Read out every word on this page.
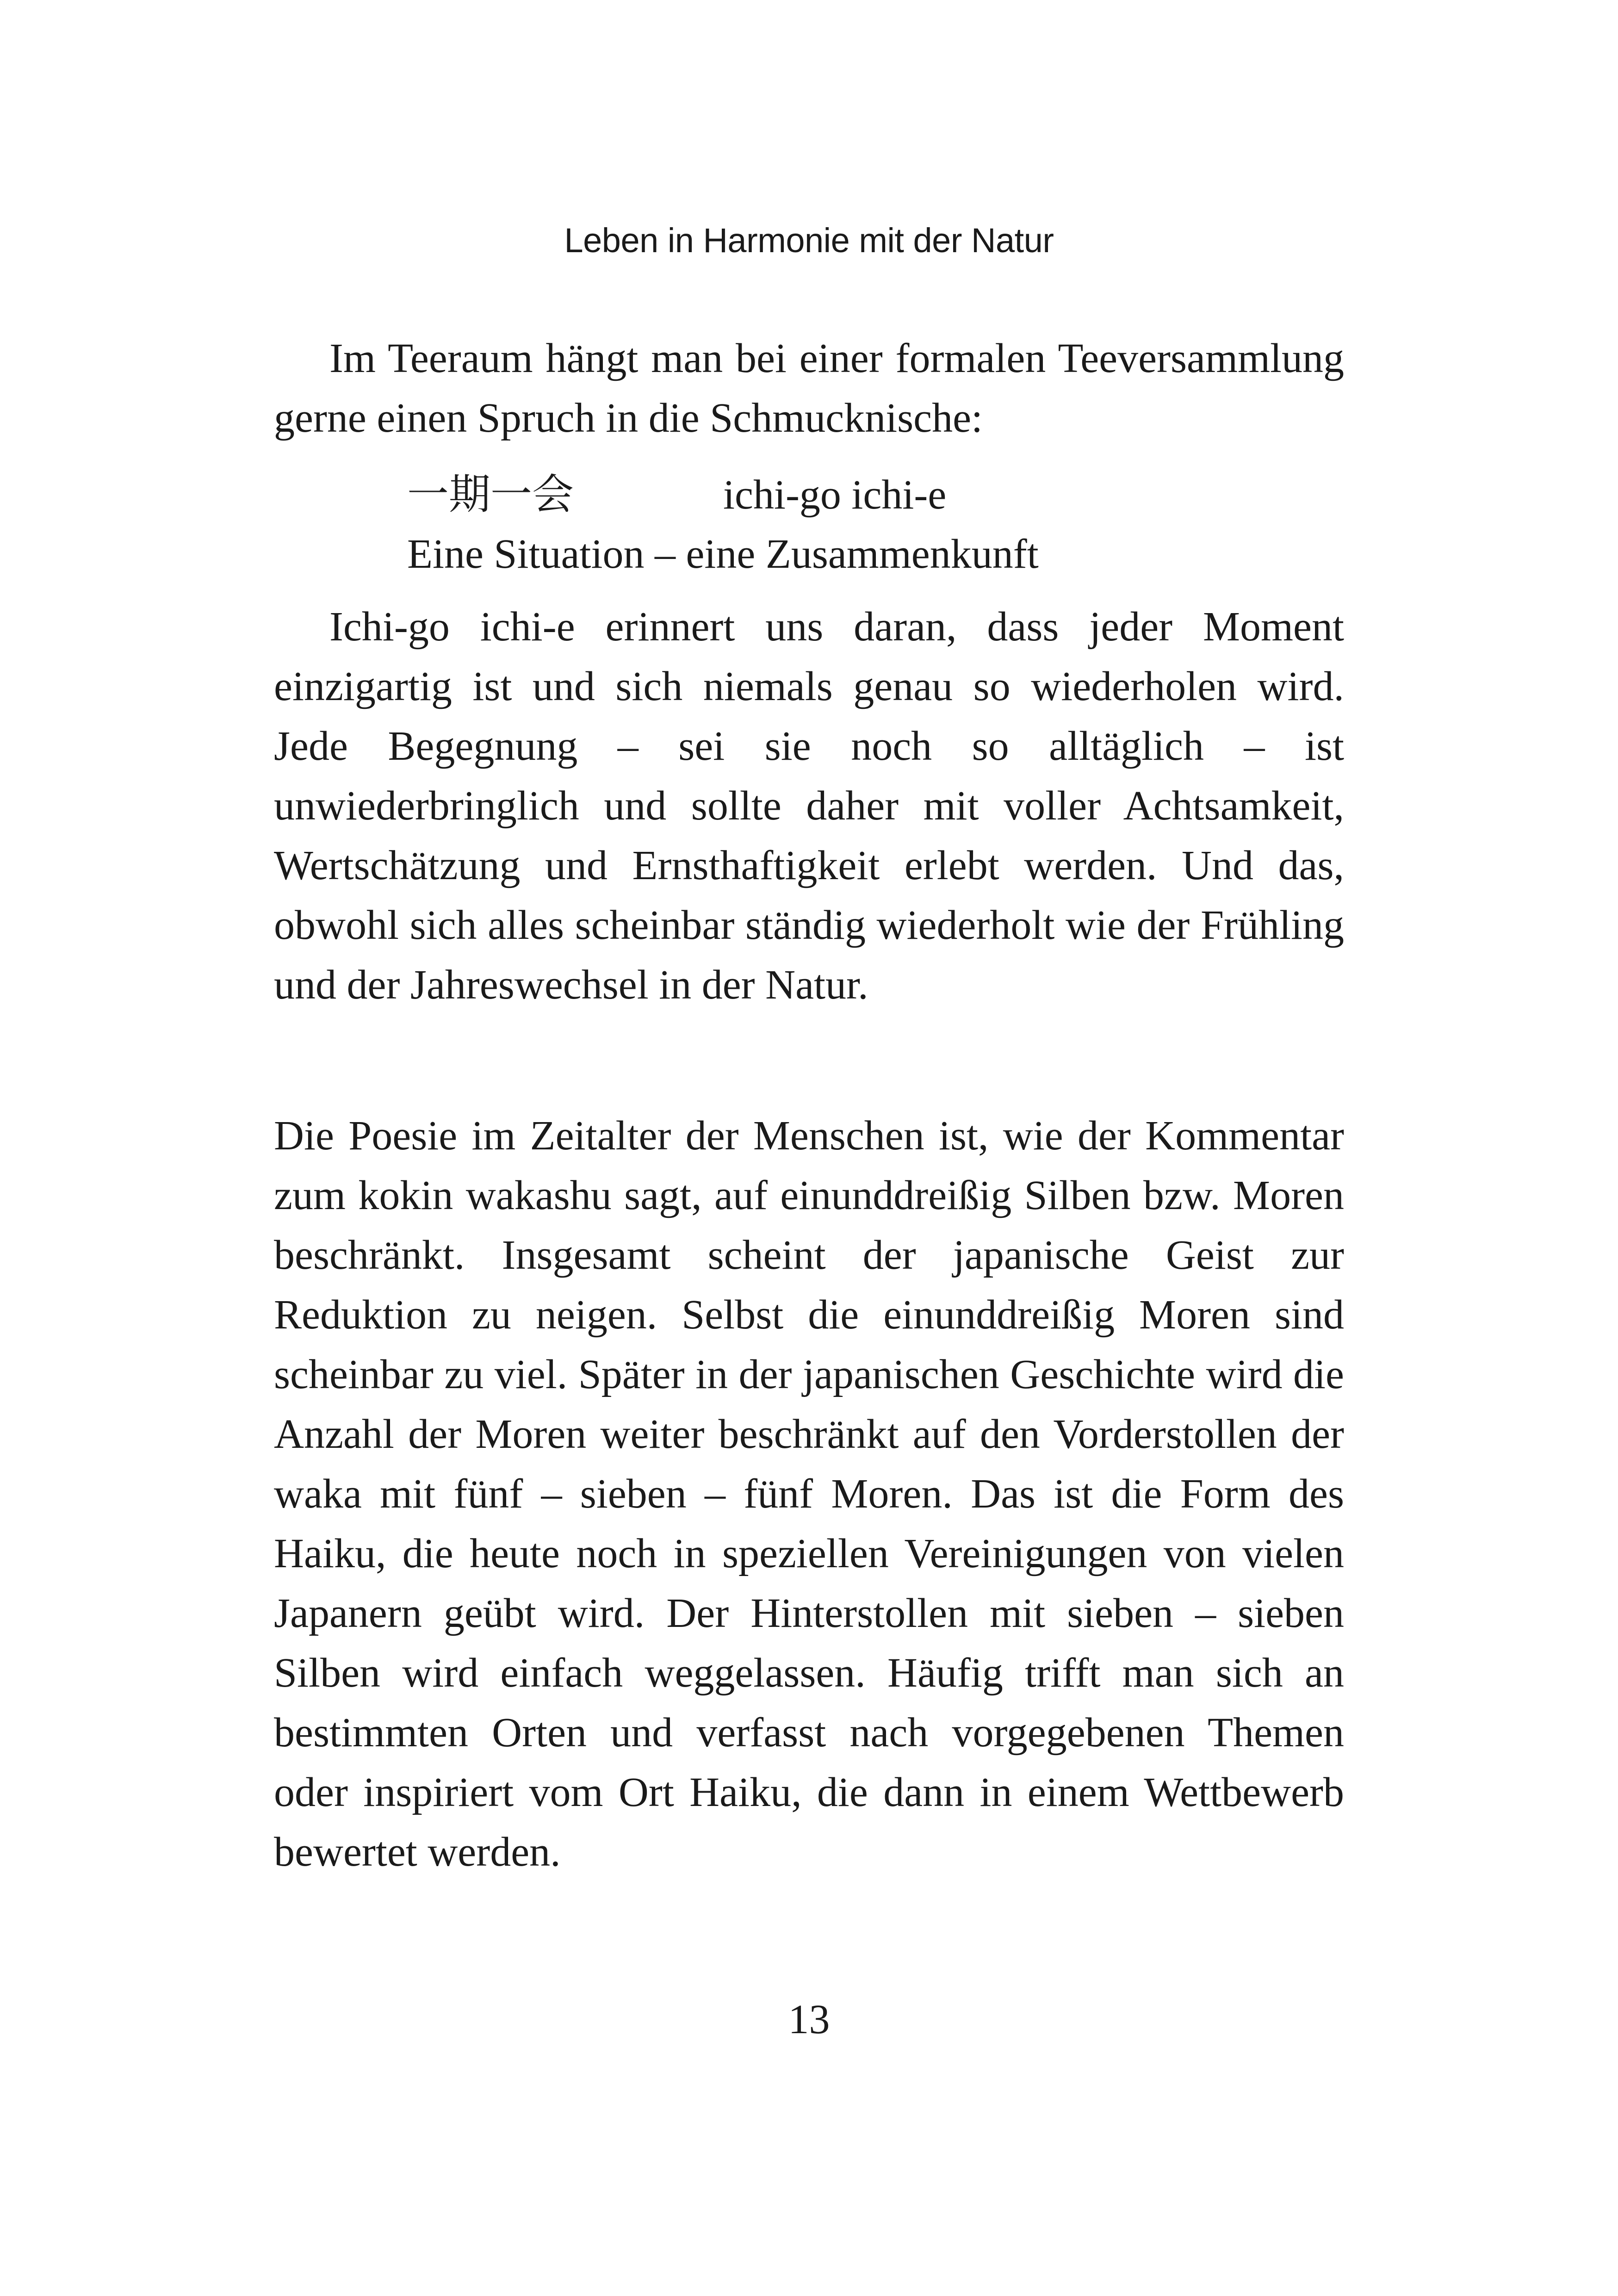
Leben in Harmonie mit der Natur

Im Teeraum hängt man bei einer formalen Teeversammlung gerne einen Spruch in die Schmucknische:

一期一会	ichi-go ichi-e
Eine Situation – eine Zusammenkunft

Ichi-go ichi-e erinnert uns daran, dass jeder Moment einzigartig ist und sich niemals genau so wiederholen wird. Jede Begegnung – sei sie noch so alltäglich – ist unwiederbringlich und sollte daher mit voller Achtsamkeit, Wertschätzung und Ernsthaftigkeit erlebt werden. Und das, obwohl sich alles scheinbar ständig wiederholt wie der Frühling und der Jahreswechsel in der Natur.

Die Poesie im Zeitalter der Menschen ist, wie der Kommentar zum kokin wakashu sagt, auf einunddreißig Silben bzw. Moren beschränkt. Insgesamt scheint der japanische Geist zur Reduktion zu neigen. Selbst die einunddreißig Moren sind scheinbar zu viel. Später in der japanischen Geschichte wird die Anzahl der Moren weiter beschränkt auf den Vorderstollen der waka mit fünf – sieben – fünf Moren. Das ist die Form des Haiku, die heute noch in speziellen Vereinigungen von vielen Japanern geübt wird. Der Hinterstollen mit sieben – sieben Silben wird einfach weggelassen. Häufig trifft man sich an bestimmten Orten und verfasst nach vorgegebenen Themen oder inspiriert vom Ort Haiku, die dann in einem Wettbewerb bewertet werden.

13
